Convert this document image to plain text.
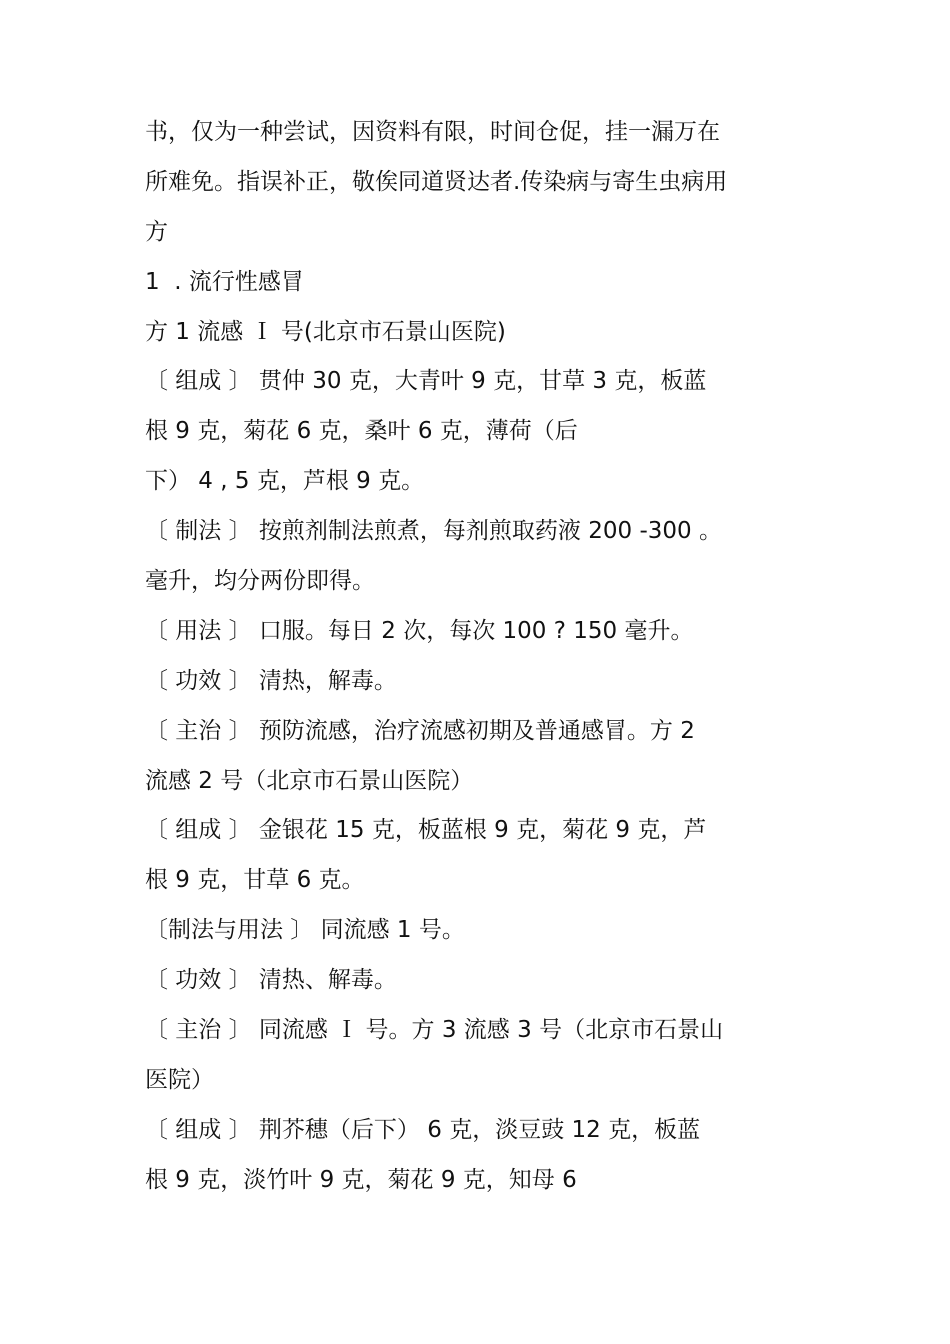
书，仅为一种尝试，因资料有限，时间仓促，挂一漏万在
所难免。指误补正，敬俟同道贤达者.传染病与寄生虫病用
方
1  . 流行性感冒
方 1 流感 Ｉ 号(北京市石景山医院)
〔 组成 〕 贯仲 30 克，大青叶 9 克，甘草 3 克，板蓝
根 9 克，菊花 6 克，桑叶 6 克，薄荷（后
下） 4 , 5 克，芦根 9 克。
〔 制法 〕 按煎剂制法煎煮，每剂煎取药液 200 -300 。
毫升，均分两份即得。
〔 用法 〕 口服。每日 2 次，每次 100 ? 150 毫升。
〔 功效 〕 清热，解毒。
〔 主治 〕 预防流感，治疗流感初期及普通感冒。方 2
流感 2 号（北京市石景山医院）
〔 组成 〕 金银花 15 克，板蓝根 9 克，菊花 9 克，芦
根 9 克，甘草 6 克。
〔制法与用法 〕 同流感 1 号。
〔 功效 〕 清热、解毒。
〔 主治 〕 同流感 Ｉ 号。方 3 流感 3 号（北京市石景山
医院）
〔 组成 〕 荆芥穗（后下） 6 克，淡豆豉 12 克，板蓝
根 9 克，淡竹叶 9 克，菊花 9 克，知母 6
